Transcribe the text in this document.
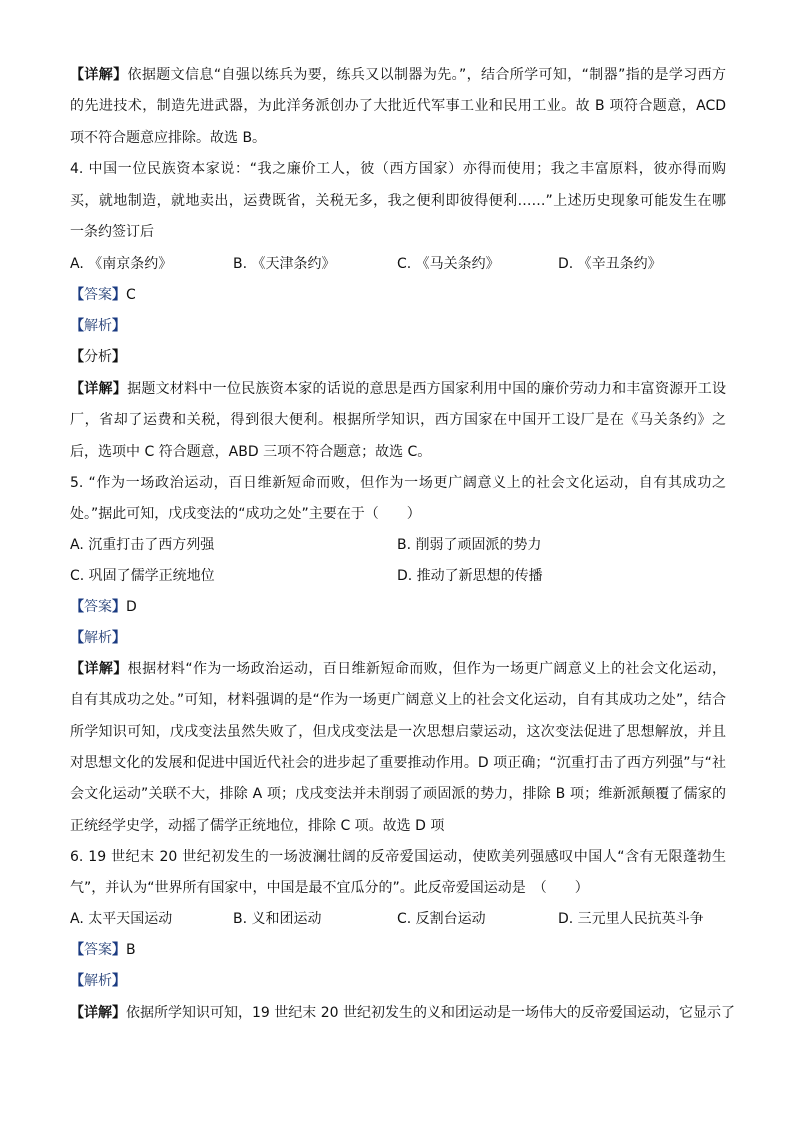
【详解】依据题文信息“自强以练兵为要，练兵又以制器为先。”，结合所学可知，“制器”指的是学习西方
的先进技术，制造先进武器，为此洋务派创办了大批近代军事工业和民用工业。故 B 项符合题意，ACD
项不符合题意应排除。故选 B。
4. 中国一位民族资本家说：“我之廉价工人，彼（西方国家）亦得而使用；我之丰富原料，彼亦得而购
买，就地制造，就地卖出，运费既省，关税无多，我之便利即彼得便利……”上述历史现象可能发生在哪
一条约签订后
A. 《南京条约》	B. 《天津条约》	C. 《马关条约》	D. 《辛丑条约》
【答案】C
【解析】
【分析】
【详解】据题文材料中一位民族资本家的话说的意思是西方国家利用中国的廉价劳动力和丰富资源开工设
厂，省却了运费和关税，得到很大便利。根据所学知识，西方国家在中国开工设厂是在《马关条约》之
后，选项中 C 符合题意，ABD 三项不符合题意；故选 C。
5. “作为一场政治运动，百日维新短命而败，但作为一场更广阔意义上的社会文化运动，自有其成功之
处。”据此可知，戊戌变法的“成功之处”主要在于（　　）
A. 沉重打击了西方列强	B. 削弱了顽固派的势力
C. 巩固了儒学正统地位	D. 推动了新思想的传播
【答案】D
【解析】
【详解】根据材料“作为一场政治运动，百日维新短命而败，但作为一场更广阔意义上的社会文化运动，
自有其成功之处。”可知，材料强调的是“作为一场更广阔意义上的社会文化运动，自有其成功之处”，结合
所学知识可知，戊戌变法虽然失败了，但戊戌变法是一次思想启蒙运动，这次变法促进了思想解放，并且
对思想文化的发展和促进中国近代社会的进步起了重要推动作用。D 项正确；“沉重打击了西方列强”与“社
会文化运动”关联不大，排除 A 项；戊戌变法并未削弱了顽固派的势力，排除 B 项；维新派颠覆了儒家的
正统经学史学，动摇了儒学正统地位，排除 C 项。故选 D 项
6. 19 世纪末 20 世纪初发生的一场波澜壮阔的反帝爱国运动，使欧美列强感叹中国人“含有无限蓬勃生
气”，并认为“世界所有国家中，中国是最不宜瓜分的”。此反帝爱国运动是　（　　）
A. 太平天国运动	B. 义和团运动	C. 反割台运动	D. 三元里人民抗英斗争
【答案】B
【解析】
【详解】依据所学知识可知，19 世纪末 20 世纪初发生的义和团运动是一场伟大的反帝爱国运动，它显示了
